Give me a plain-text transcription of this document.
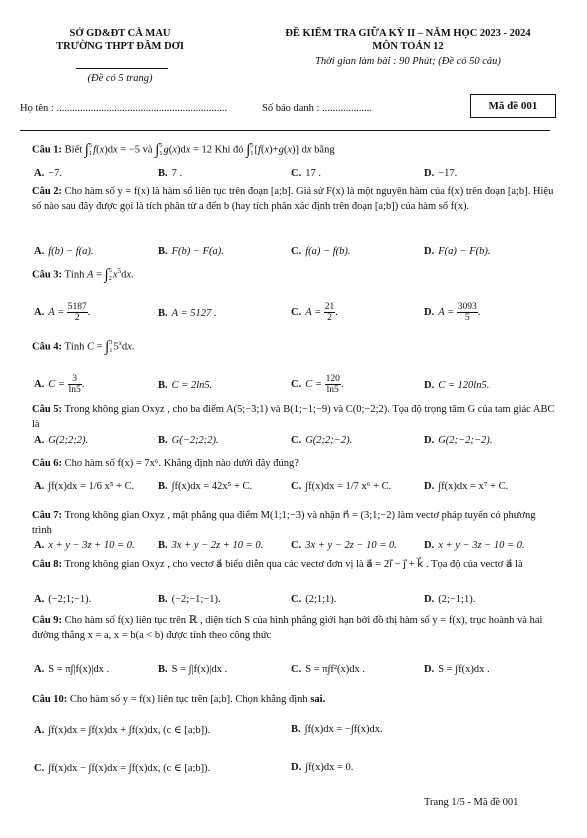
SỞ GD&ĐT CÀ MAU
TRƯỜNG THPT ĐẦM DƠI
(Đề có 5 trang)
ĐỀ KIỂM TRA GIỮA KỲ II – NĂM HỌC 2023 - 2024
MÔN TOÁN 12
Thời gian làm bài : 90 Phút; (Đề có 50 câu)
Họ tên : .................................................................	Số báo danh : ...................	Mã đề 001
Câu 1: Biết ∫5
1f(x)dx = −5 và ∫5
1g(x)dx = 12 Khi đó ∫5
1[f(x)+g(x)] dx bằng
A. −7.	B. 7 .	C. 17 .	D. −17.
Câu 2: Cho hàm số y = f(x) là hàm số liên tục trên đoạn [a;b]. Giả sử F(x) là một nguyên hàm của f(x) trên đoạn [a;b]. Hiệu số nào sau đây được gọi là tích phân từ a đến b (hay tích phân xác định trên đoạn [a;b]) của hàm số f(x).
A. f(b) − f(a).	B. F(b) − F(a).	C. f(a) − f(b).	D. F(a) − F(b).
Câu 3: Tính A = ∫5
$2x^5dx$.
A. $A = \frac{5187}{2}$ .	B. A = 5127 .	C. $A = \frac{21}{2}$ .	D. $A = \frac{3093}{5}$ .
Câu 4: Tính C = ∫3
15$^x$dx.
A. $C = \frac{3}{\ln 5}$ .	B. C = 2ln5.	C. $C = \frac{120}{\ln 5}$ .	D. C = 120ln5.
Câu 5: Trong không gian Oxyz , cho ba điểm A(5;−3;1) và B(1;−1;−9) và C(0;−2;2). Tọa độ trọng tâm G của tam giác ABC là
A. G(2;2;2).	B. G(−2;2;2).	C. G(2;2;−2).	D. G(2;−2;−2).
Câu 6: Cho hàm số f(x) = 7x⁶. Khẳng định nào dưới đây đúng?
A. ∫f(x)dx = 1/6 x⁵ + C. B. ∫f(x)dx = 42x⁵ + C.	C. ∫f(x)dx = 1/7 x⁶ + C.	D. ∫f(x)dx = x⁷ + C.
Câu 7: Trong không gian Oxyz , mặt phẳng qua điểm M(1;1;−3) và nhận n⃗ = (3;1;−2) làm vectơ pháp tuyến có phương trình
A. x + y − 3z + 10 = 0. B. 3x + y − 2z + 10 = 0.	C. 3x + y − 2z − 10 = 0.	D. x + y − 3z − 10 = 0.
Câu 8: Trong không gian Oxyz , cho vectơ a⃗ biểu diễn qua các vectơ đơn vị là a⃗ = 2i⃗ − j⃗ + k⃗ . Tọa độ của vectơ a⃗ là
A. (−2;1;−1).	B. (−2;−1;−1).	C. (2;1;1).	D. (2;−1;1).
Câu 9: Cho hàm số f(x) liên tục trên ℝ , diện tích S của hình phẳng giới hạn bởi đồ thị hàm số y = f(x), trục hoành và hai đường thẳng x = a, x = b(a < b) được tính theo công thức
A. S = π∫|f(x)|dx .	B. S = ∫|f(x)|dx .	C. S = π∫f²(x)dx .	D. S = ∫f(x)dx .
Câu 10: Cho hàm số y = f(x) liên tục trên [a;b]. Chọn khẳng định sai.
A. ∫f(x)dx = ∫f(x)dx + ∫f(x)dx, (c ∈ [a;b]).	B. ∫f(x)dx = −∫f(x)dx.
C. ∫f(x)dx − ∫f(x)dx = ∫f(x)dx, (c ∈ [a;b]).	D. ∫f(x)dx = 0.
Trang 1/5 - Mã đề 001
